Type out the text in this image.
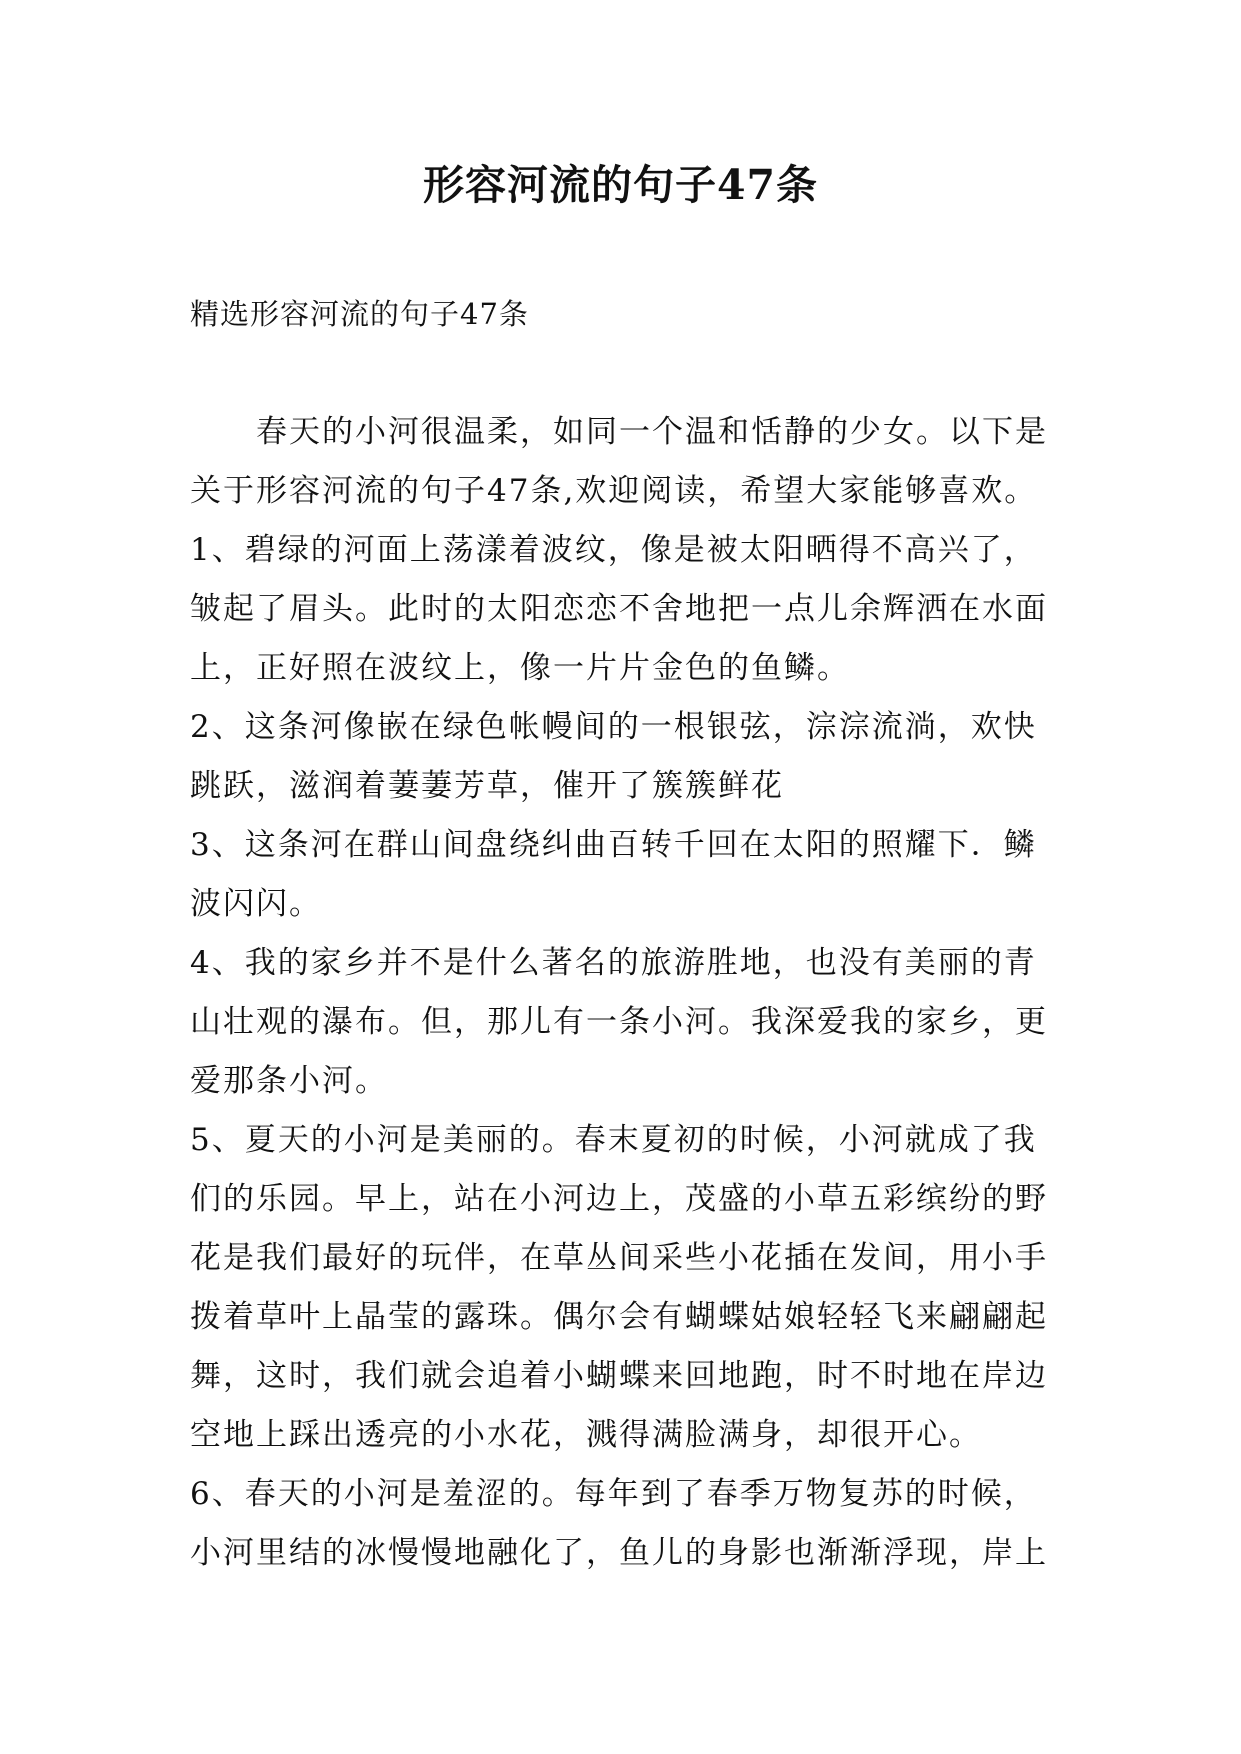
形容河流的句子47条
精选形容河流的句子47条
春天的小河很温柔，如同一个温和恬静的少女。以下是
关于形容河流的句子47条,欢迎阅读，希望大家能够喜欢。
1、碧绿的河面上荡漾着波纹，像是被太阳晒得不高兴了，
皱起了眉头。此时的太阳恋恋不舍地把一点儿余辉洒在水面
上，正好照在波纹上，像一片片金色的鱼鳞。
2、这条河像嵌在绿色帐幔间的一根银弦，淙淙流淌，欢快
跳跃，滋润着萋萋芳草，催开了簇簇鲜花
3、这条河在群山间盘绕纠曲百转千回在太阳的照耀下．鳞
波闪闪。
4、我的家乡并不是什么著名的旅游胜地，也没有美丽的青
山壮观的瀑布。但，那儿有一条小河。我深爱我的家乡，更
爱那条小河。
5、夏天的小河是美丽的。春末夏初的时候，小河就成了我
们的乐园。早上，站在小河边上，茂盛的小草五彩缤纷的野
花是我们最好的玩伴，在草丛间采些小花插在发间，用小手
拨着草叶上晶莹的露珠。偶尔会有蝴蝶姑娘轻轻飞来翩翩起
舞，这时，我们就会追着小蝴蝶来回地跑，时不时地在岸边
空地上踩出透亮的小水花，溅得满脸满身，却很开心。
6、春天的小河是羞涩的。每年到了春季万物复苏的时候，
小河里结的冰慢慢地融化了，鱼儿的身影也渐渐浮现，岸上
